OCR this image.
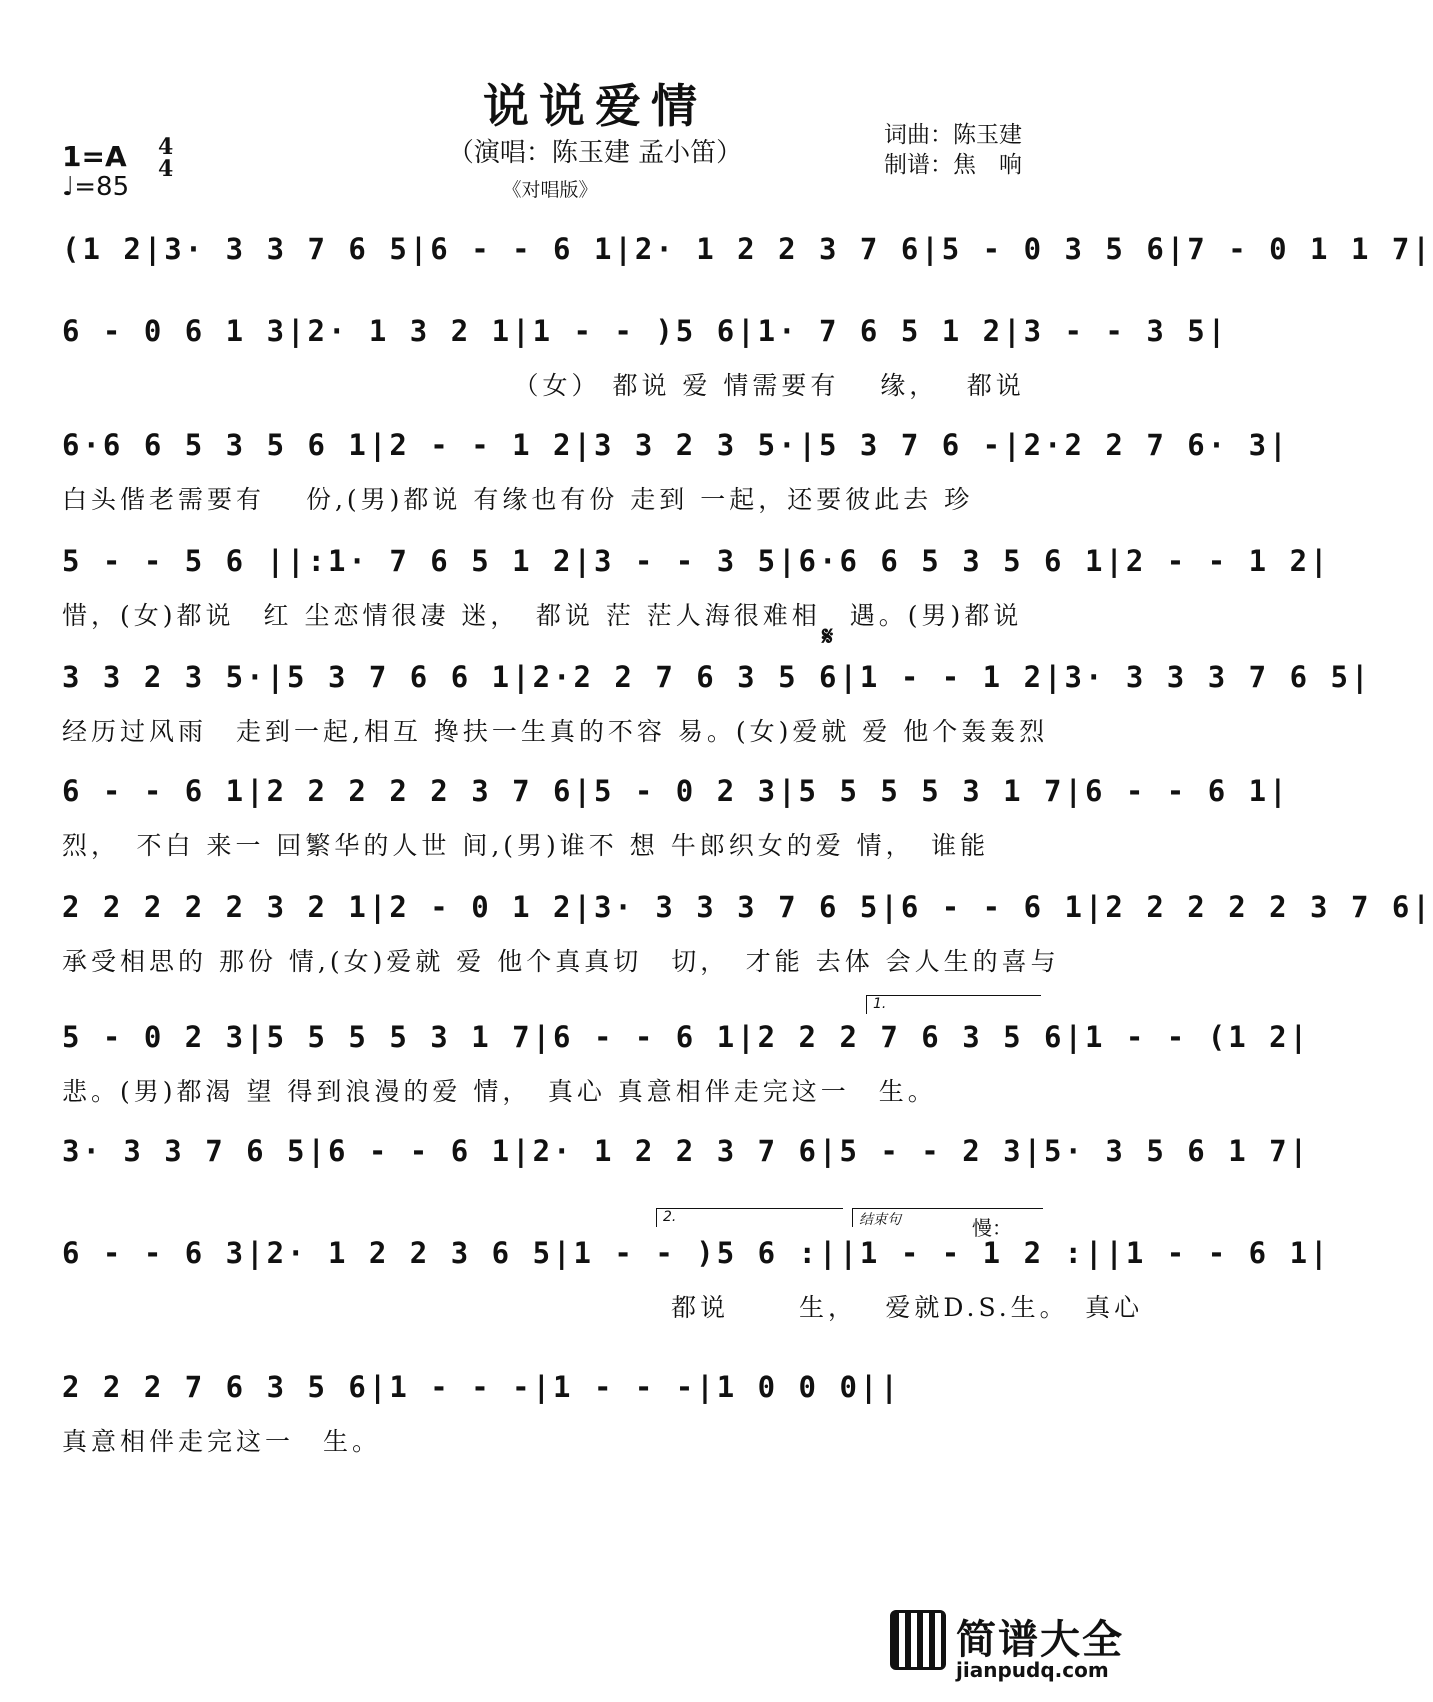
说说爱情
1=A 4
4
♩=85
（演唱：陈玉建 孟小笛）
《对唱版》
词曲：陈玉建
制谱：焦　响
(1 2|3· 3 3 7 6 5|6 - - 6 1|2· 1 2 2 3 7 6|5 - 0 3 5 6|7 - 0 1 1 7|
6 - 0 6 1 3|2· 1 3 2 1|1 - - )5 6|1· 7 6 5 1 2|3 - - 3 5|
　　　　　　　　　　　　　　　　（女） 都说 爱 情需要有　 缘，　 都说
6·6 6 5 3 5 6 1|2 - - 1 2|3 3 2 3 5·|5 3 7 6 -|2·2 2 7 6· 3|
白头偕老需要有　 份,(男)都说 有缘也有份 走到 一起，还要彼此去 珍
5 - - 5 6 ||:1· 7 6 5 1 2|3 - - 3 5|6·6 6 5 3 5 6 1|2 - - 1 2|
惜，(女)都说　红 尘恋情很凄 迷，　都说 茫 茫人海很难相　遇。(男)都说
3 3 2 3 5·|5 3 7 6 6 1|2·2 2 7 6 3 5 6|1 - - 1 2|3· 3 3 3 7 6 5|
经历过风雨　走到一起,相互 搀扶一生真的不容 易。(女)爱就 爱 他个轰轰烈
6 - - 6 1|2 2 2 2 2 3 7 6|5 - 0 2 3|5 5 5 5 3 1 7|6 - - 6 1|
烈，　不白 来一 回繁华的人世 间,(男)谁不 想 牛郎织女的爱 情，　谁能
2 2 2 2 2 3 2 1|2 - 0 1 2|3· 3 3 3 7 6 5|6 - - 6 1|2 2 2 2 2 3 7 6|
承受相思的 那份 情,(女)爱就 爱 他个真真切　切，　才能 去体 会人生的喜与
5 - 0 2 3|5 5 5 5 3 1 7|6 - - 6 1|2 2 2 7 6 3 5 6|1 - - (1 2|
悲。(男)都渴 望 得到浪漫的爱 情，　真心 真意相伴走完这一　生。
3· 3 3 7 6 5|6 - - 6 1|2· 1 2 2 3 7 6|5 - - 2 3|5· 3 5 6 1 7|
6 - - 6 3|2· 1 2 2 3 6 5|1 - - )5 6 :||1 - - 1 2 :||1 - - 6 1|
　　　　　　　　　　　　　　　　　　　　　都说　　 生，　 爱就D.S.生。　真心
2 2 2 7 6 3 5 6|1 - - -|1 - - -|1 0 0 0||
真意相伴走完这一　生。
𝄋
1.
2.	结束句	慢：
简谱大全
jianpudq.com
